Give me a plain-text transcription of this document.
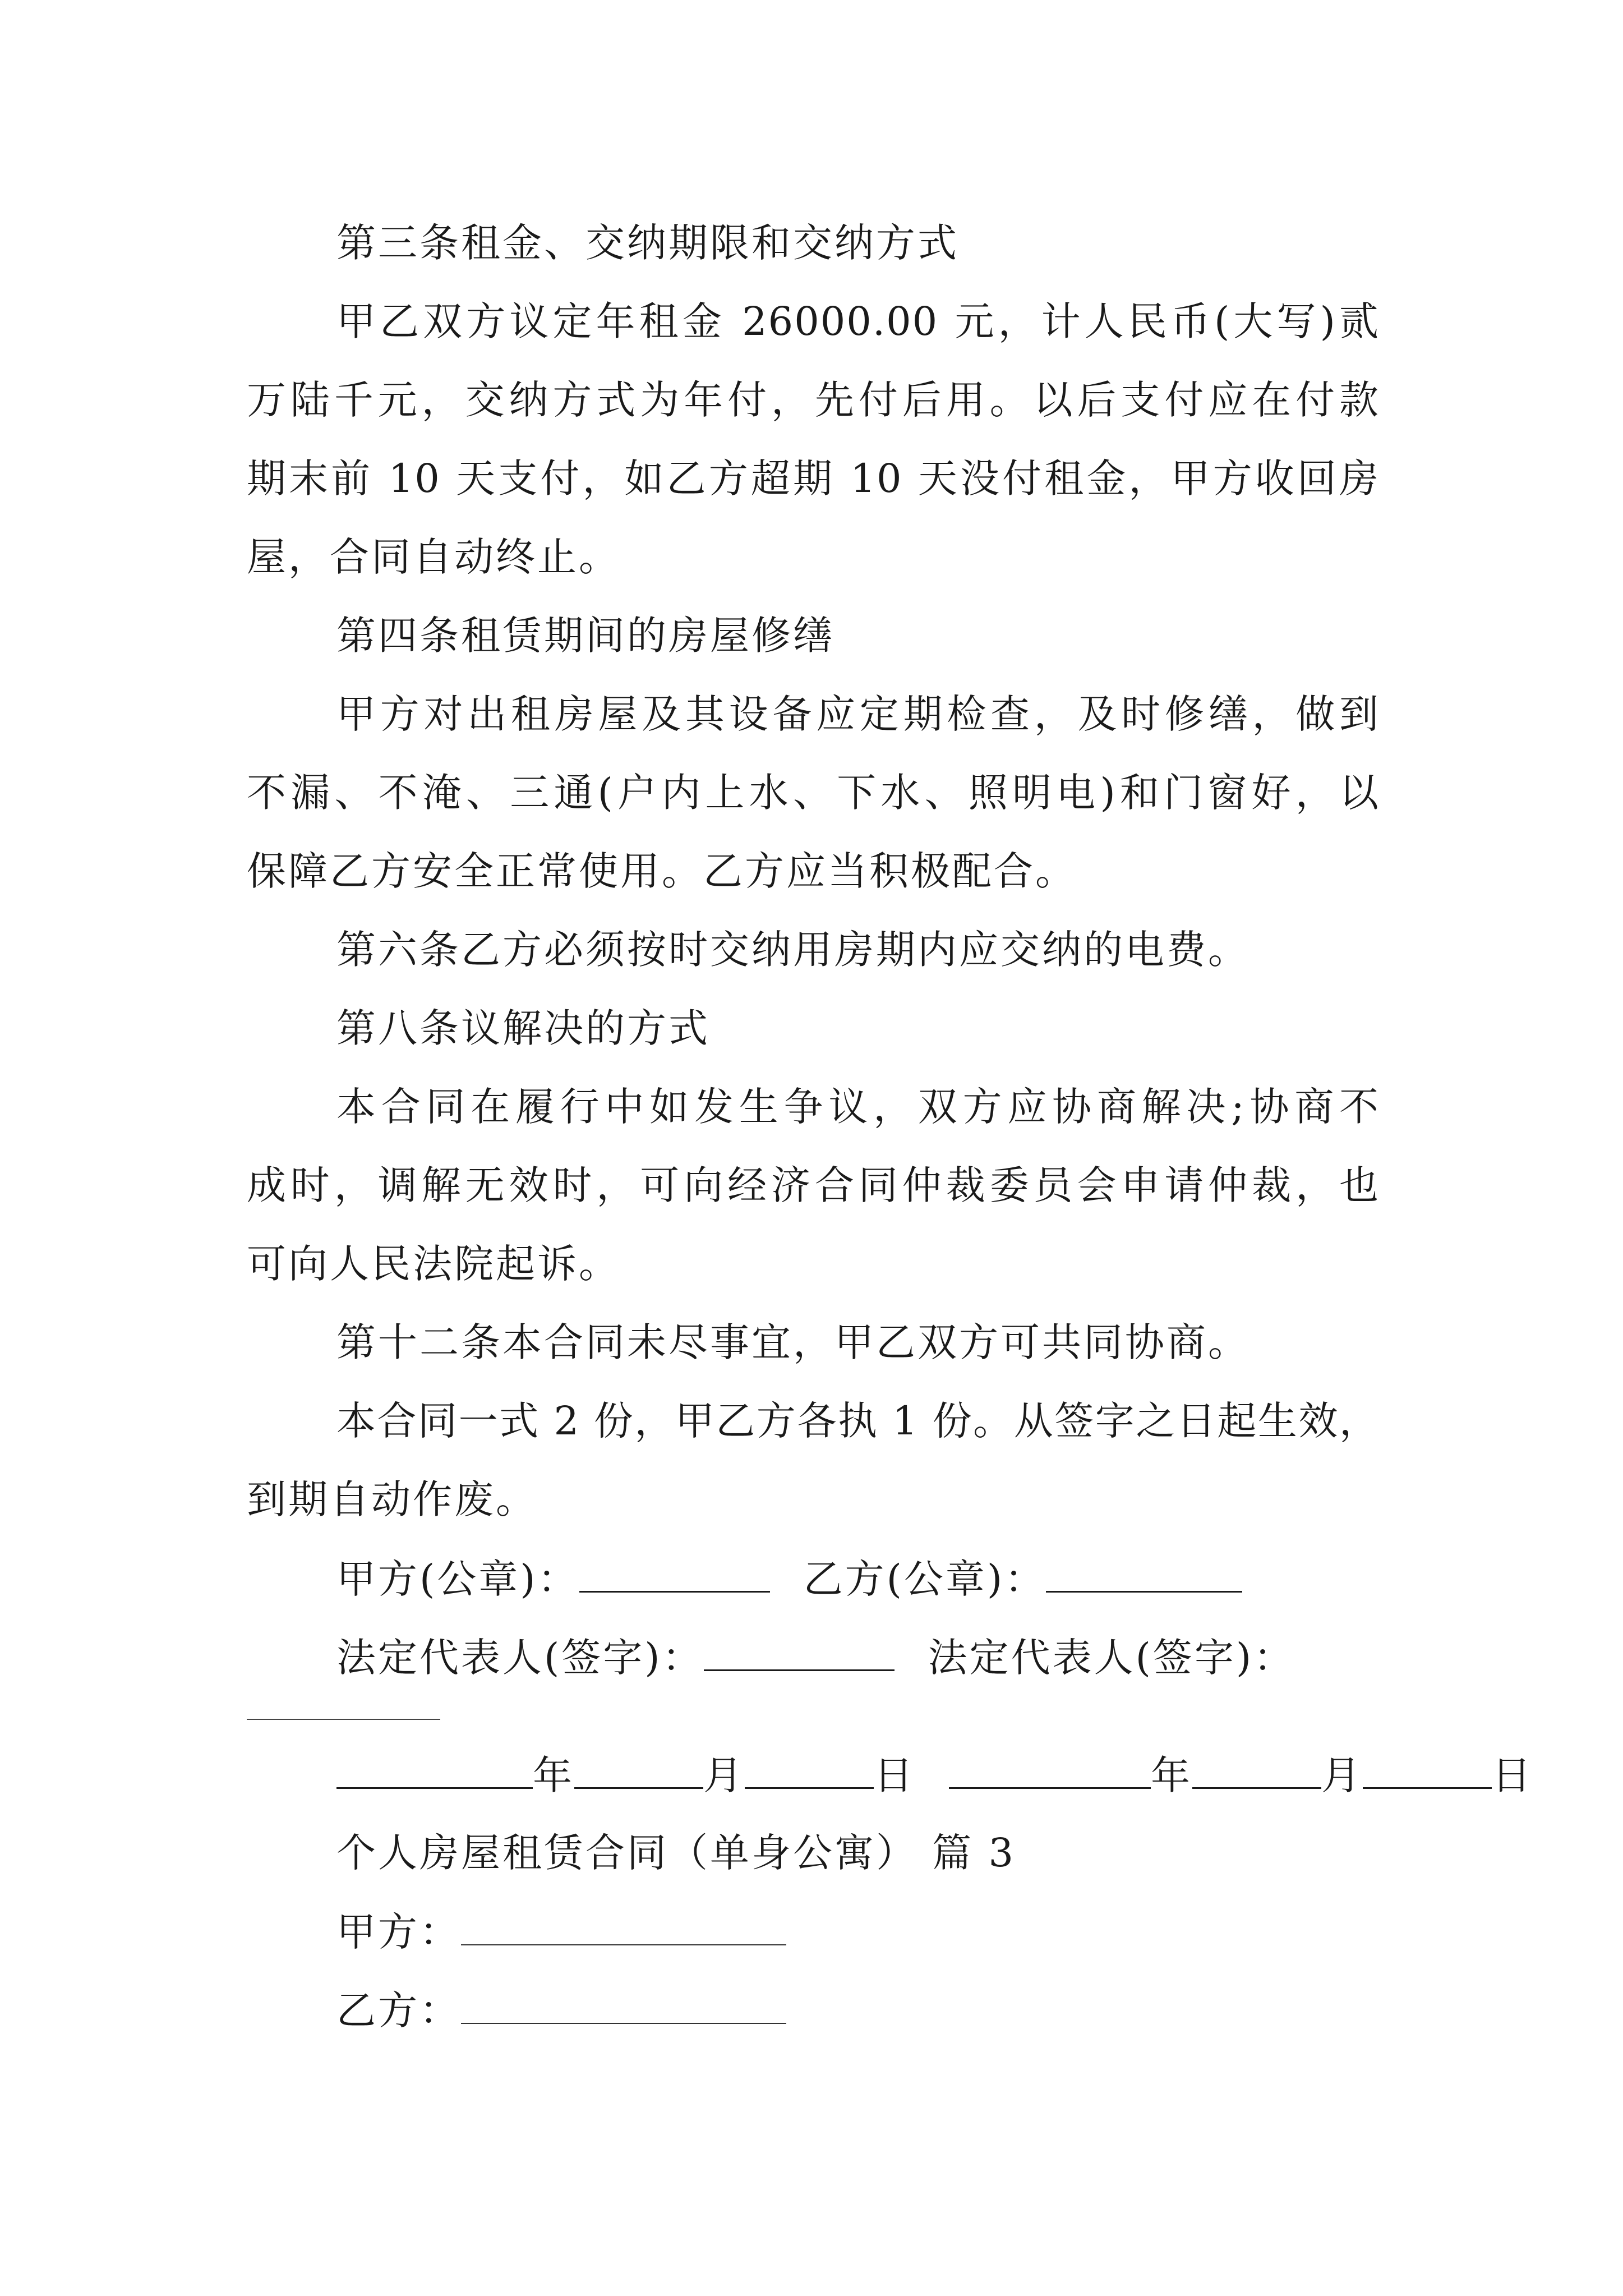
第三条租金、交纳期限和交纳方式
甲乙双方议定年租金 26000.00 元，计人民币(大写)贰
万陆千元，交纳方式为年付，先付后用。以后支付应在付款
期末前 10 天支付，如乙方超期 10 天没付租金，甲方收回房
屋，合同自动终止。
第四条租赁期间的房屋修缮
甲方对出租房屋及其设备应定期检查，及时修缮，做到
不漏、不淹、三通(户内上水、下水、照明电)和门窗好，以
保障乙方安全正常使用。乙方应当积极配合。
第六条乙方必须按时交纳用房期内应交纳的电费。
第八条议解决的方式
本合同在履行中如发生争议，双方应协商解决;协商不
成时，调解无效时，可向经济合同仲裁委员会申请仲裁，也
可向人民法院起诉。
第十二条本合同未尽事宜，甲乙双方可共同协商。
本合同一式 2 份，甲乙方各执 1 份。从签字之日起生效，
到期自动作废。
甲方(公章)：	乙方(公章)：
法定代表人(签字)：	法定代表人(签字)：
年	月	日	年	月	日
个人房屋租赁合同（单身公寓） 篇 3
甲方：
乙方：
